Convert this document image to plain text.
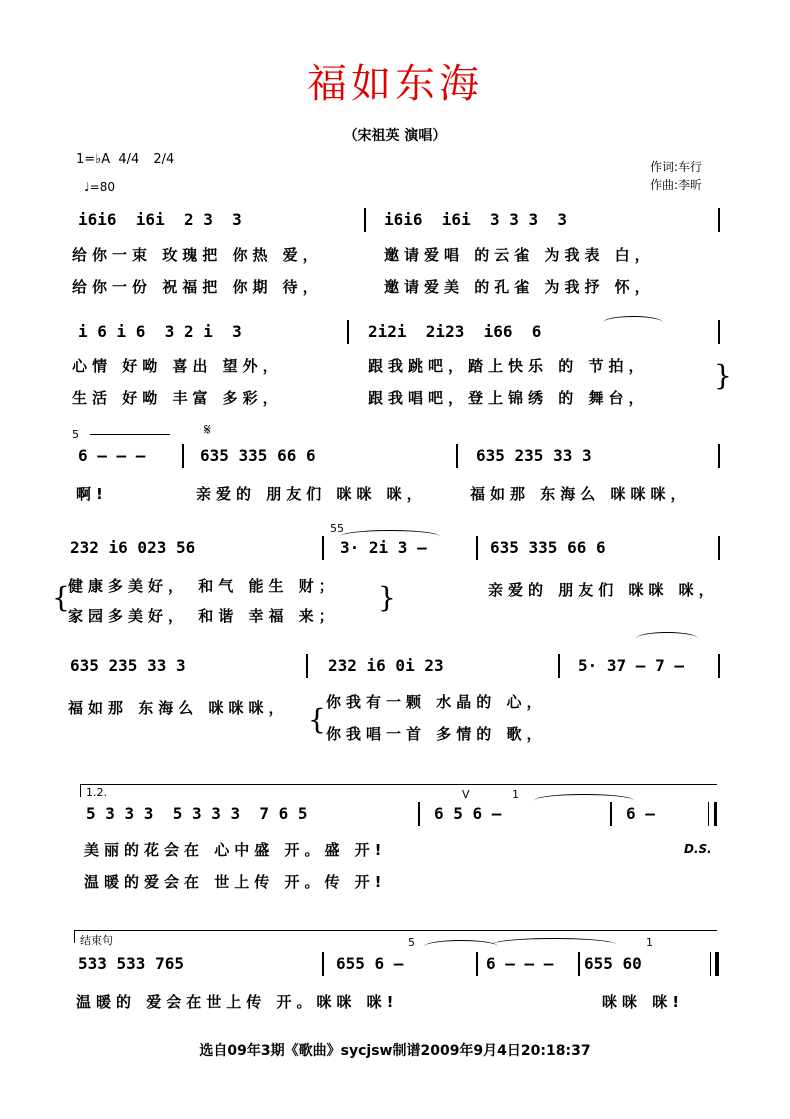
福如东海
（宋祖英 演唱）
1=♭A 4/4 2/4
♩=80
作词:车行
作曲:李昕
i6i6  i6i  2 3  3	i6i6  i6i  3 3 3  3
给你一束 玫瑰把 你热 爱，	邀请爱唱 的云雀 为我表 白，
给你一份 祝福把 你期 待，	邀请爱美 的孔雀 为我抒 怀，
i 6 i 6  3 2 i  3	2i2i  2i23  i66  6
心情 好呦 喜出 望外，	跟我跳吧，踏上快乐 的 节拍，
生活 好呦 丰富 多彩，	跟我唱吧，登上锦绣 的 舞台，
}
5
6 – – –
𝄋
635 335 66 6	635 235 33 3
啊!	亲爱的 朋友们 咪咪 咪，	福如那 东海么 咪咪咪，
232 i6 023 56
55
3· 2i 3 –	635 335 66 6
{
健康多美好， 和气 能生 财；
家园多美好， 和谐 幸福 来；
}	亲爱的 朋友们 咪咪 咪，
635 235 33 3	232 i6 0i 23	5· 37 – 7 –
福如那 东海么 咪咪咪， {
你我有一颗 水晶的 心，
你我唱一首 多情的 歌，
1.2.	V	1
5 3 3 3  5 3 3 3  7 6 5	6 5 6 –	6 –
美丽的花会在 心中盛 开。盛 开!	D.S.
温暖的爱会在 世上传 开。传 开!
结束句	5	1
533 533 765	655 6 –	6 – – – 655 60
温暖的 爱会在世上传 开。咪咪 咪!	咪咪 咪!
选自09年3期《歌曲》sycjsw制谱2009年9月4日20:18:37
